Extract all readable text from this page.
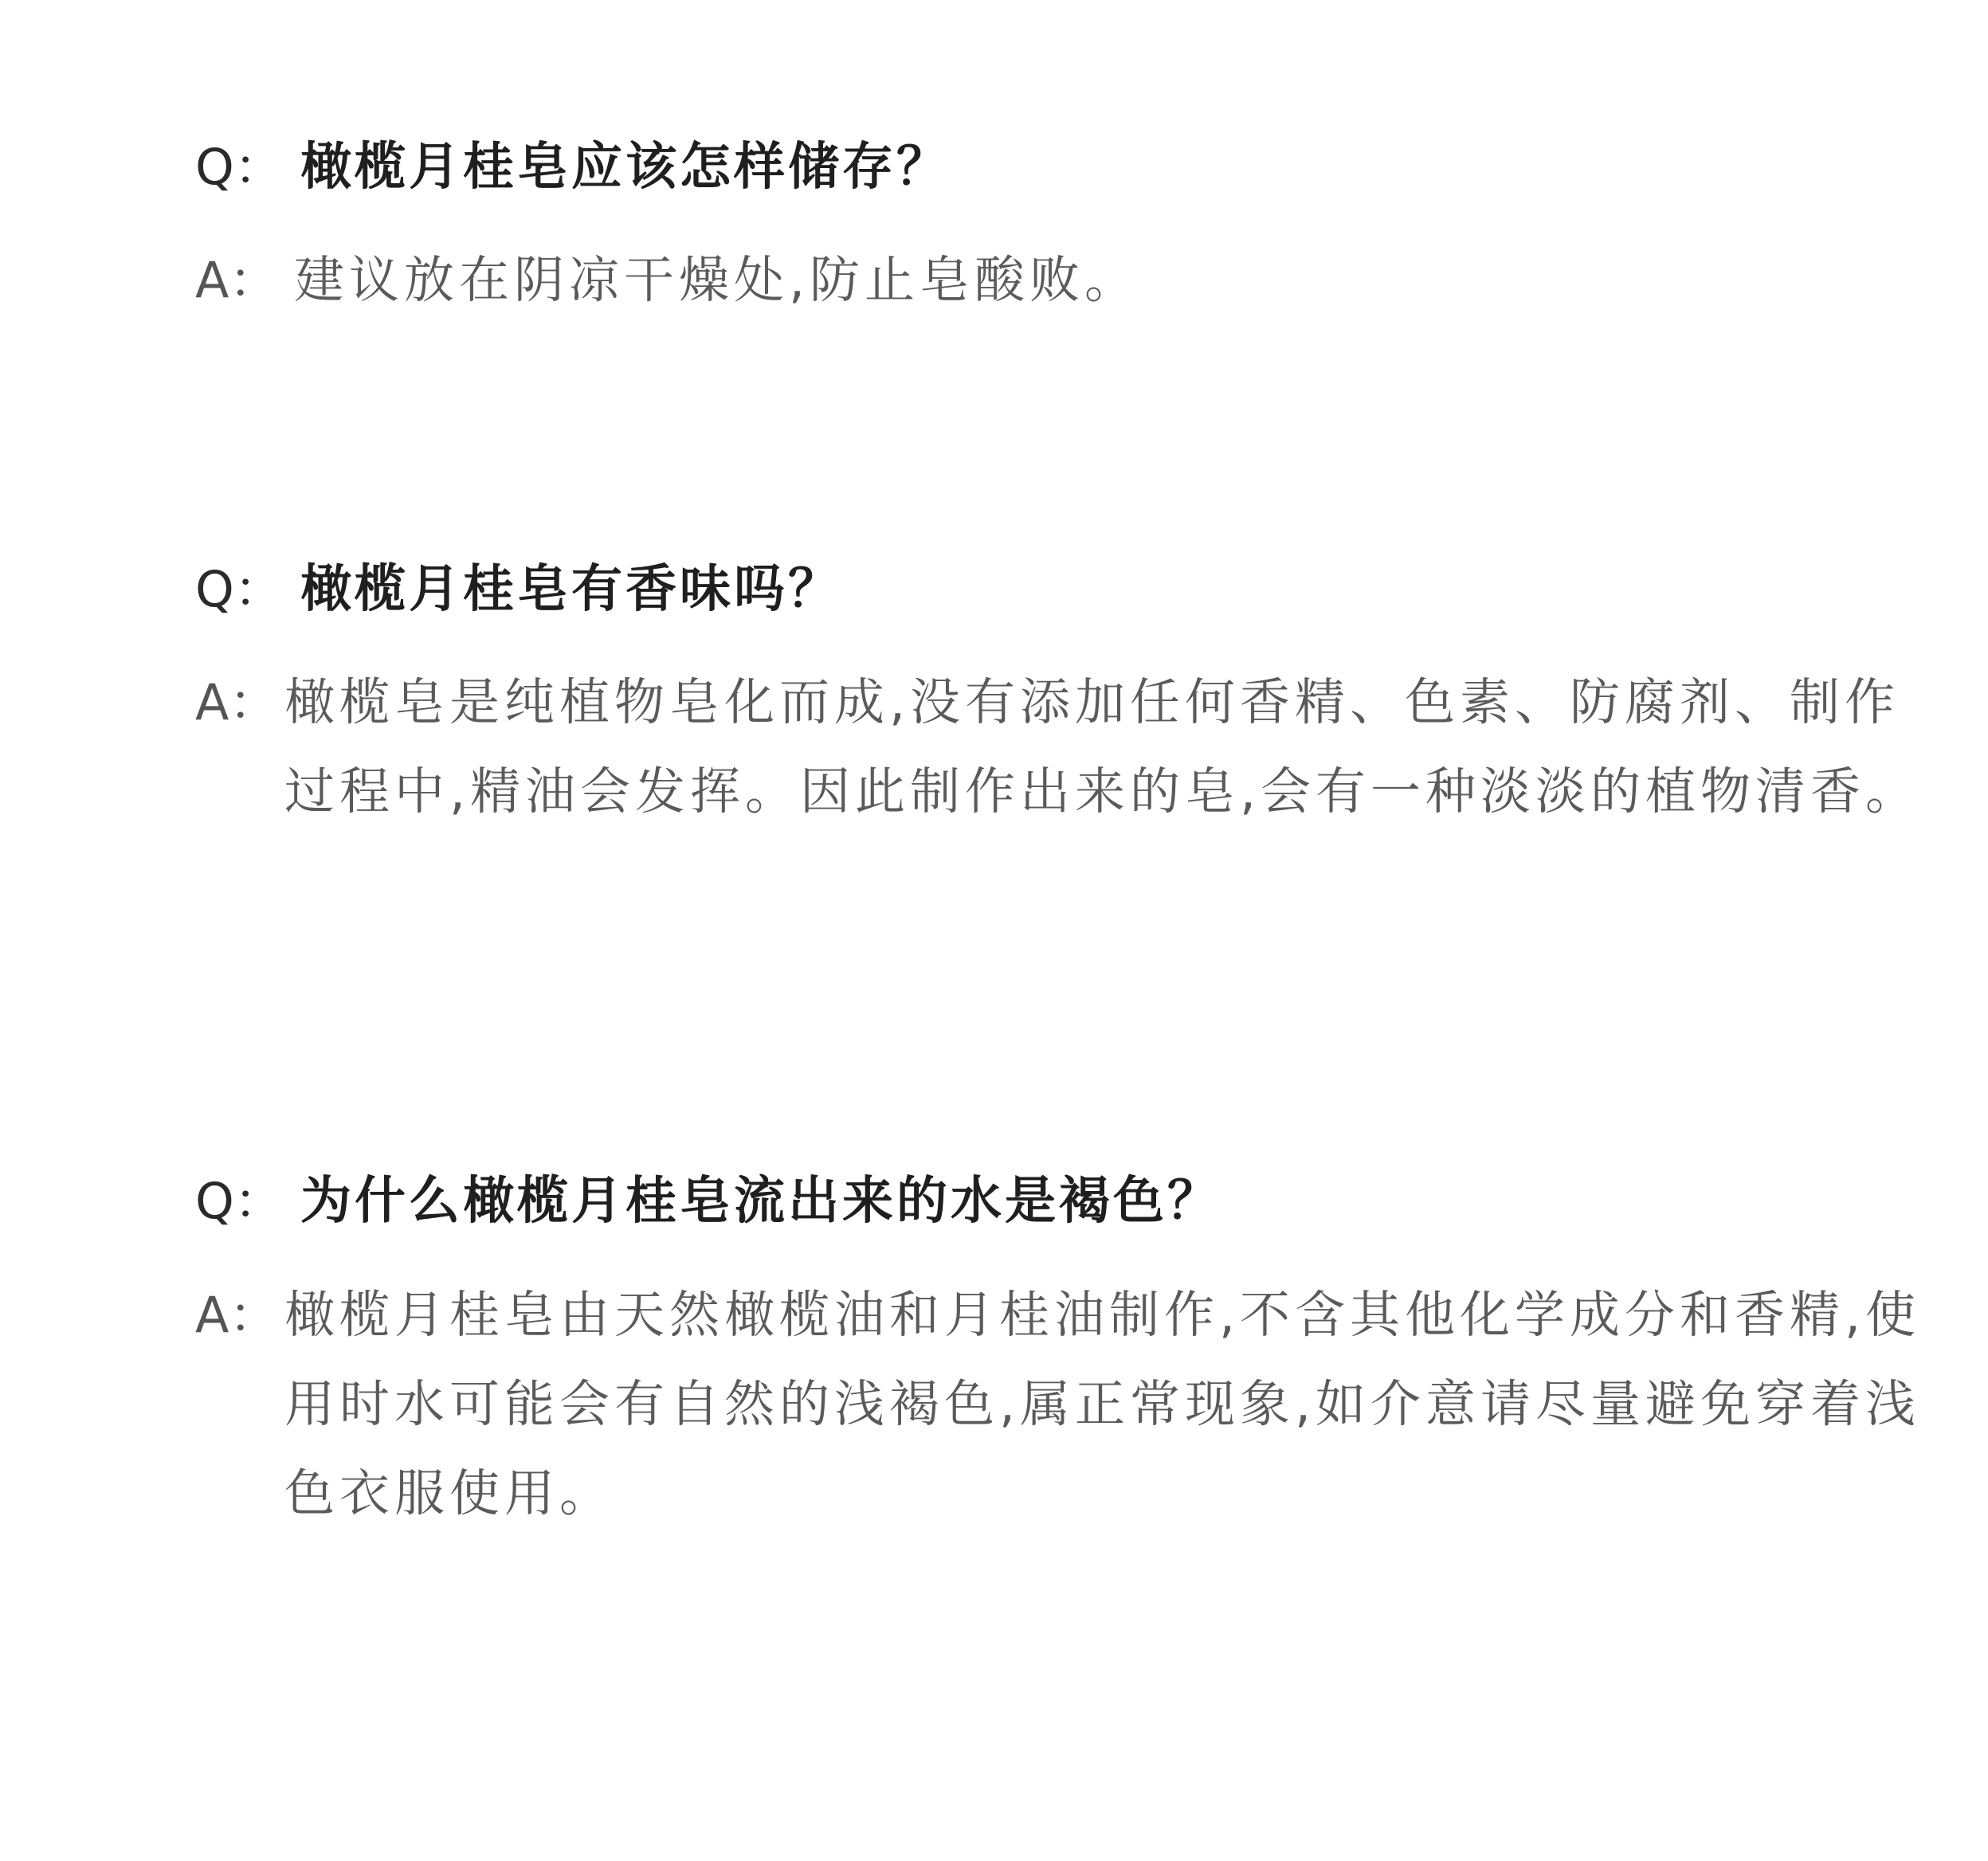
Q： 橄榄月桂皂应该怎样储存？
A： 建议放在阴凉干燥处,防止皂酸败。
Q： 橄榄月桂皂有香味吗？
A： 橄榄皂是纯植物皂化而成,没有添加任何香精、色素、防腐剂、制作过程中,精油会发挥。因此制作出来的皂,会有一种淡淡的植物清香。
Q： 为什么橄榄月桂皂流出来的水是褐色？
A： 橄榄月桂皂由天然橄榄油和月桂油制作,不含其他化学成分和香精,使用时水可能会有自然的浅褐色,属正常现象,如介意请尽量避免穿着浅色衣服使用。
